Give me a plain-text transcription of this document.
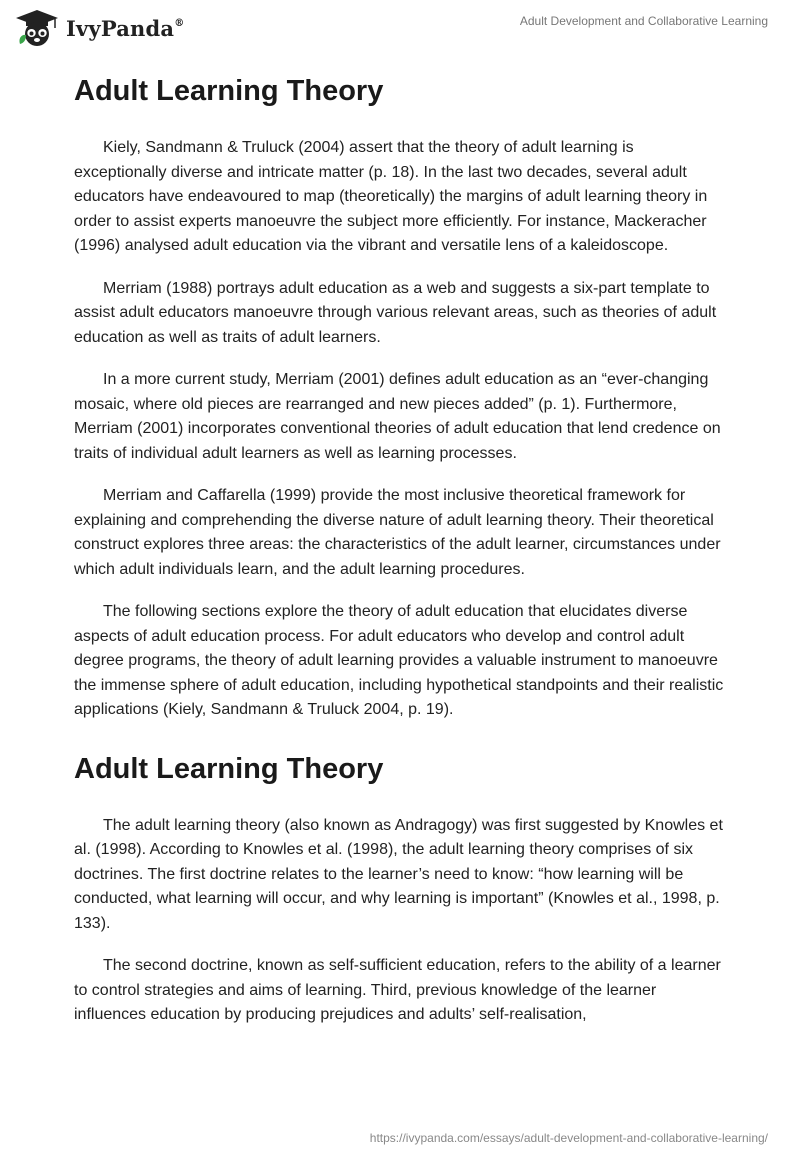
IvyPanda®	Adult Development and Collaborative Learning
Adult Learning Theory

Kiely, Sandmann & Truluck (2004) assert that the theory of adult learning is exceptionally diverse and intricate matter (p. 18). In the last two decades, several adult educators have endeavoured to map (theoretically) the margins of adult learning theory in order to assist experts manoeuvre the subject more efficiently. For instance, Mackeracher (1996) analysed adult education via the vibrant and versatile lens of a kaleidoscope.

Merriam (1988) portrays adult education as a web and suggests a six-part template to assist adult educators manoeuvre through various relevant areas, such as theories of adult education as well as traits of adult learners.

In a more current study, Merriam (2001) defines adult education as an “ever-changing mosaic, where old pieces are rearranged and new pieces added” (p. 1). Furthermore, Merriam (2001) incorporates conventional theories of adult education that lend credence on traits of individual adult learners as well as learning processes.

Merriam and Caffarella (1999) provide the most inclusive theoretical framework for explaining and comprehending the diverse nature of adult learning theory. Their theoretical construct explores three areas: the characteristics of the adult learner, circumstances under which adult individuals learn, and the adult learning procedures.

The following sections explore the theory of adult education that elucidates diverse aspects of adult education process. For adult educators who develop and control adult degree programs, the theory of adult learning provides a valuable instrument to manoeuvre the immense sphere of adult education, including hypothetical standpoints and their realistic applications (Kiely, Sandmann & Truluck 2004, p. 19).

Adult Learning Theory

The adult learning theory (also known as Andragogy) was first suggested by Knowles et al. (1998). According to Knowles et al. (1998), the adult learning theory comprises of six doctrines. The first doctrine relates to the learner’s need to know: “how learning will be conducted, what learning will occur, and why learning is important” (Knowles et al., 1998, p. 133).

The second doctrine, known as self-sufficient education, refers to the ability of a learner to control strategies and aims of learning. Third, previous knowledge of the learner influences education by producing prejudices and adults’ self-realisation,

https://ivypanda.com/essays/adult-development-and-collaborative-learning/
